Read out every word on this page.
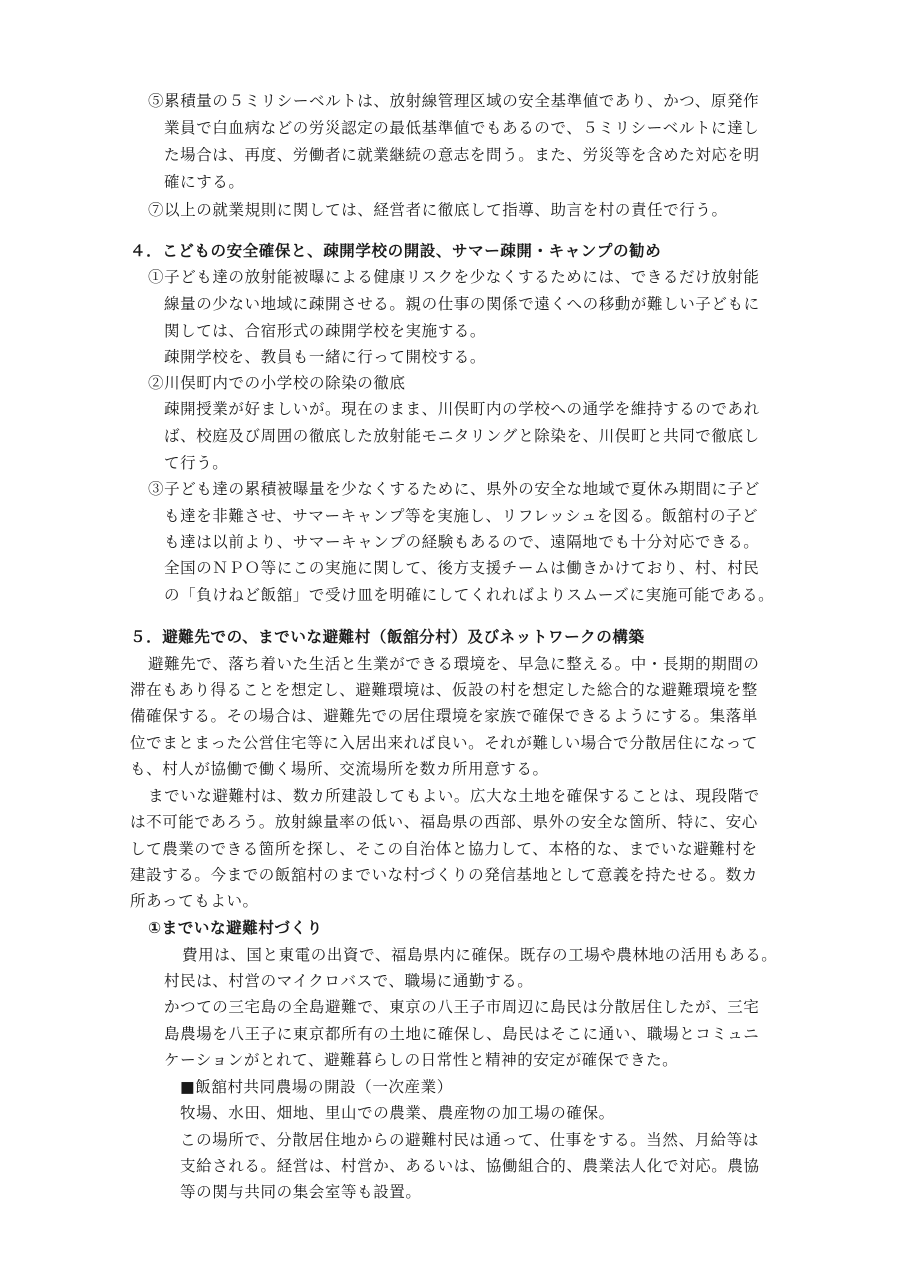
⑤累積量の５ミリシーベルトは、放射線管理区域の安全基準値であり、かつ、原発作
業員で白血病などの労災認定の最低基準値でもあるので、５ミリシーベルトに達し
た場合は、再度、労働者に就業継続の意志を問う。また、労災等を含めた対応を明
確にする。
⑦以上の就業規則に関しては、経営者に徹底して指導、助言を村の責任で行う。
４．こどもの安全確保と、疎開学校の開設、サマー疎開・キャンプの勧め
①子ども達の放射能被曝による健康リスクを少なくするためには、できるだけ放射能
線量の少ない地域に疎開させる。親の仕事の関係で遠くへの移動が難しい子どもに
関しては、合宿形式の疎開学校を実施する。
疎開学校を、教員も一緒に行って開校する。
②川俣町内での小学校の除染の徹底
疎開授業が好ましいが。現在のまま、川俣町内の学校への通学を維持するのであれ
ば、校庭及び周囲の徹底した放射能モニタリングと除染を、川俣町と共同で徹底し
て行う。
③子ども達の累積被曝量を少なくするために、県外の安全な地域で夏休み期間に子ど
も達を非難させ、サマーキャンプ等を実施し、リフレッシュを図る。飯舘村の子ど
も達は以前より、サマーキャンプの経験もあるので、遠隔地でも十分対応できる。
全国のＮＰＯ等にこの実施に関して、後方支援チームは働きかけており、村、村民
の「負けねど飯舘」で受け皿を明確にしてくれればよりスムーズに実施可能である。
５．避難先での、までいな避難村（飯舘分村）及びネットワークの構築
避難先で、落ち着いた生活と生業ができる環境を、早急に整える。中・長期的期間の
滞在もあり得ることを想定し、避難環境は、仮設の村を想定した総合的な避難環境を整
備確保する。その場合は、避難先での居住環境を家族で確保できるようにする。集落単
位でまとまった公営住宅等に入居出来れば良い。それが難しい場合で分散居住になって
も、村人が協働で働く場所、交流場所を数カ所用意する。
までいな避難村は、数カ所建設してもよい。広大な土地を確保することは、現段階で
は不可能であろう。放射線量率の低い、福島県の西部、県外の安全な箇所、特に、安心
して農業のできる箇所を探し、そこの自治体と協力して、本格的な、までいな避難村を
建設する。今までの飯舘村のまでいな村づくりの発信基地として意義を持たせる。数カ
所あってもよい。
①までいな避難村づくり
費用は、国と東電の出資で、福島県内に確保。既存の工場や農林地の活用もある。
村民は、村営のマイクロバスで、職場に通勤する。
かつての三宅島の全島避難で、東京の八王子市周辺に島民は分散居住したが、三宅
島農場を八王子に東京都所有の土地に確保し、島民はそこに通い、職場とコミュニ
ケーションがとれて、避難暮らしの日常性と精神的安定が確保できた。
■飯舘村共同農場の開設（一次産業）
牧場、水田、畑地、里山での農業、農産物の加工場の確保。
この場所で、分散居住地からの避難村民は通って、仕事をする。当然、月給等は
支給される。経営は、村営か、あるいは、協働組合的、農業法人化で対応。農協
等の関与共同の集会室等も設置。
